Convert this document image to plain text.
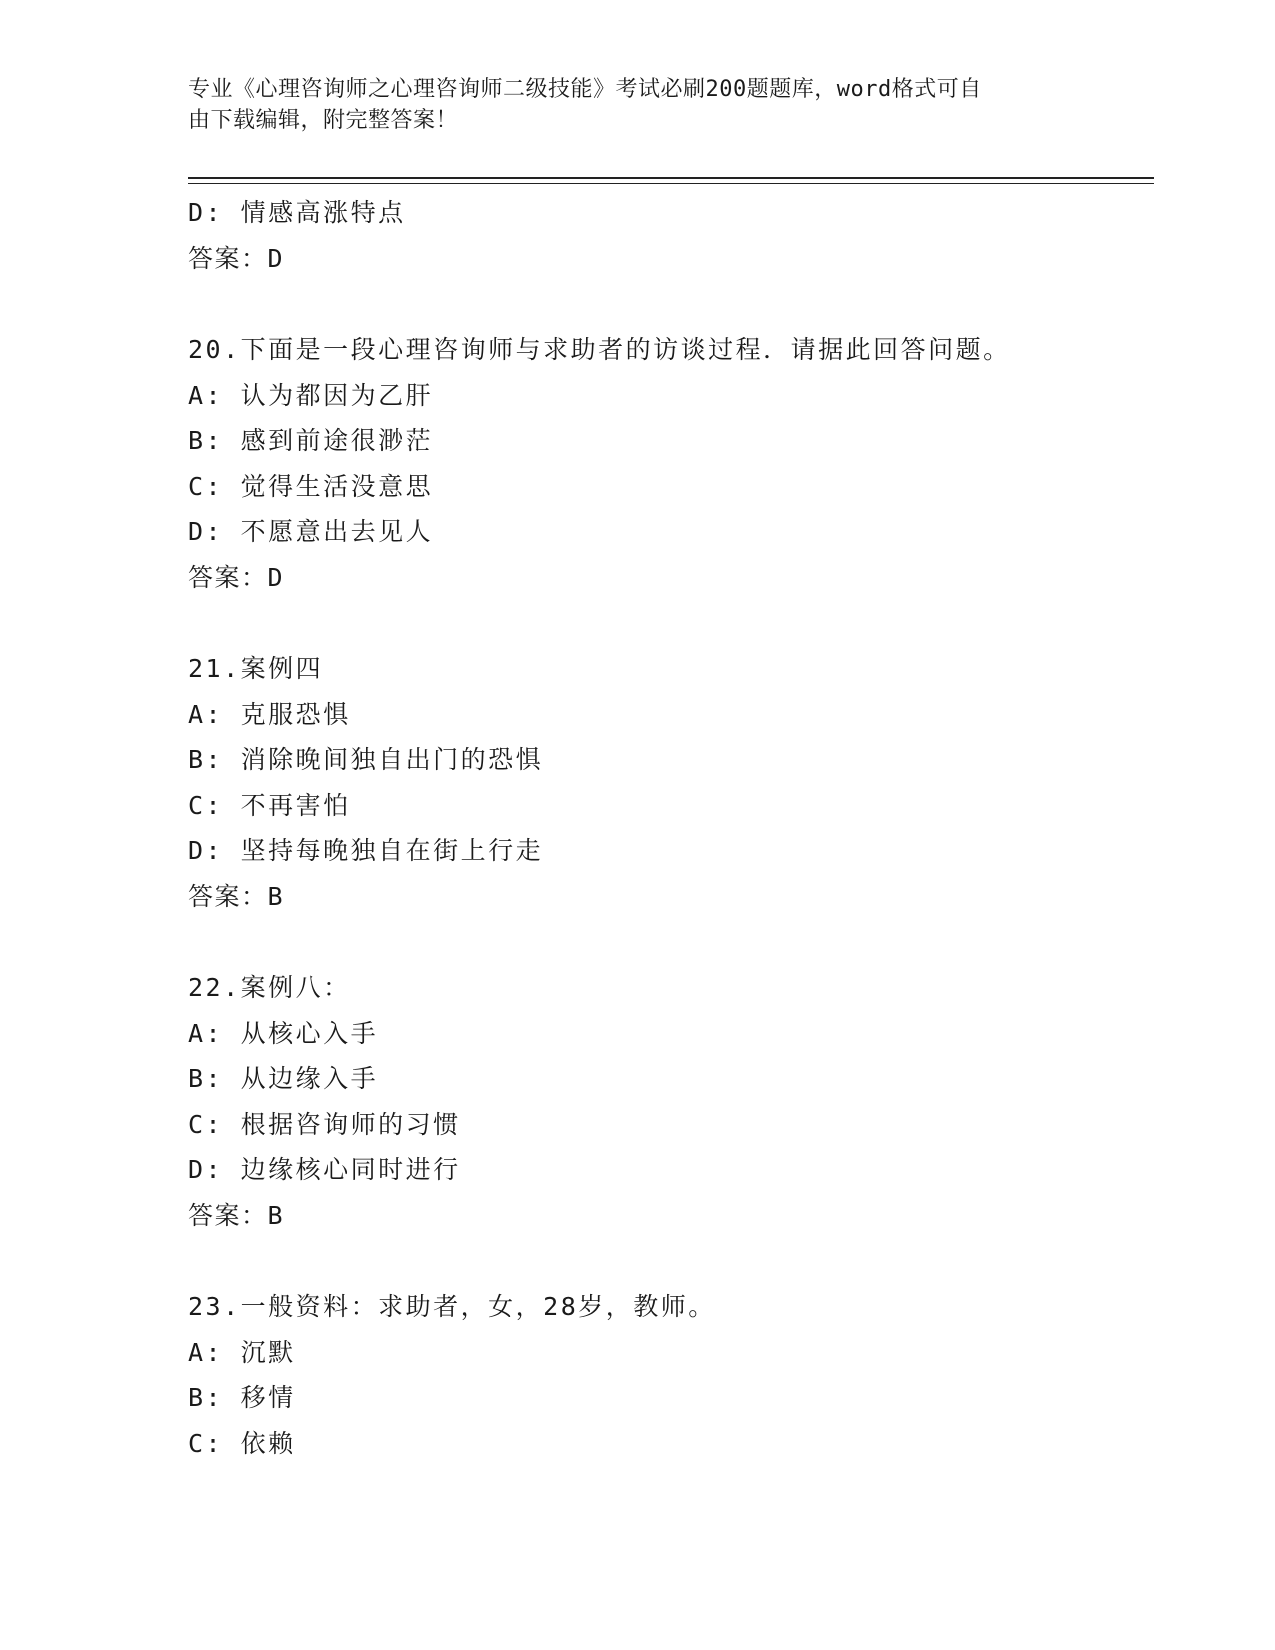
专业《心理咨询师之心理咨询师二级技能》考试必刷200题题库，word格式可自
由下载编辑，附完整答案！
D: 情感高涨特点
答案：D
20.下面是一段心理咨询师与求助者的访谈过程．请据此回答问题。
A: 认为都因为乙肝
B: 感到前途很渺茫
C: 觉得生活没意思
D: 不愿意出去见人
答案：D
21.案例四
A: 克服恐惧
B: 消除晚间独自出门的恐惧
C: 不再害怕
D: 坚持每晚独自在街上行走
答案：B
22.案例八：
A: 从核心入手
B: 从边缘入手
C: 根据咨询师的习惯
D: 边缘核心同时进行
答案：B
23.一般资料：求助者，女，28岁，教师。
A: 沉默
B: 移情
C: 依赖
